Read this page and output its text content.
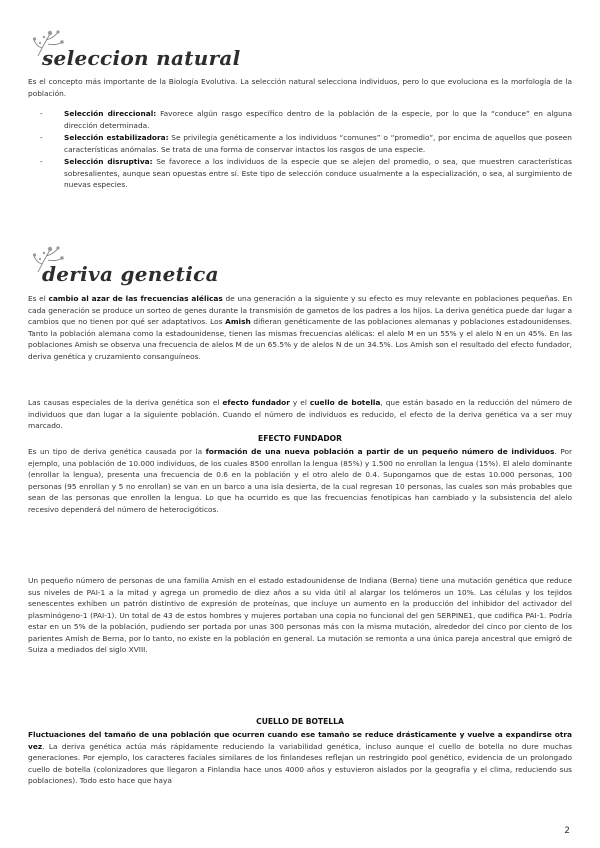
seleccion natural

Es el concepto más importante de la Biología Evolutiva. La selección natural selecciona individuos, pero lo que evoluciona es la morfología de la población.

-	Selección direccional: Favorece algún rasgo específico dentro de la población de la especie, por lo que la “conduce” en alguna dirección determinada.
-	Selección estabilizadora: Se privilegia genéticamente a los individuos “comunes” o “promedio”, por encima de aquellos que poseen características anómalas. Se trata de una forma de conservar intactos los rasgos de una especie.
-	Selección disruptiva: Se favorece a los individuos de la especie que se alejen del promedio, o sea, que muestren características sobresalientes, aunque sean opuestas entre sí. Este tipo de selección conduce usualmente a la especialización, o sea, al surgimiento de nuevas especies.
deriva genetica

Es el cambio al azar de las frecuencias alélicas de una generación a la siguiente y su efecto es muy relevante en poblaciones pequeñas. En cada generación se produce un sorteo de genes durante la transmisión de gametos de los padres a los hijos. La deriva genética puede dar lugar a cambios que no tienen por qué ser adaptativos. Los Amish difieran genéticamente de las poblaciones alemanas y poblaciones estadounidenses. Tanto la población alemana como la estadounidense, tienen las mismas frecuencias alélicas: el alelo M en un 55% y el alelo N en un 45%. En las poblaciones Amish se observa una frecuencia de alelos M de un 65.5% y de alelos N de un 34.5%. Los Amish son el resultado del efecto fundador, deriva genética y cruzamiento consanguíneos.

Las causas especiales de la deriva genética son el efecto fundador y el cuello de botella, que están basado en la reducción del número de individuos que dan lugar a la siguiente población. Cuando el número de individuos es reducido, el efecto de la deriva genética va a ser muy marcado.

EFECTO FUNDADOR

Es un tipo de deriva genética causada por la formación de una nueva población a partir de un pequeño número de individuos. Por ejemplo, una población de 10.000 individuos, de los cuales 8500 enrollan la lengua (85%) y 1.500 no enrollan la lengua (15%). El alelo dominante (enrollar la lengua), presenta una frecuencia de 0.6 en la población y el otro alelo de 0.4. Supongamos que de estas 10.000 personas, 100 personas (95 enrollan y 5 no enrollan) se van en un barco a una isla desierta, de la cual regresan 10 personas, las cuales son más probables que sean de las personas que enrollen la lengua. Lo que ha ocurrido es que las frecuencias fenotípicas han cambiado y la subsistencia del alelo recesivo dependerá del número de heterocigóticos.

Un pequeño número de personas de una familia Amish en el estado estadounidense de Indiana (Berna) tiene una mutación genética que reduce sus niveles de PAI-1 a la mitad y agrega un promedio de diez años a su vida útil al alargar los telómeros un 10%. Las células y los tejidos senescentes exhiben un patrón distintivo de expresión de proteínas, que incluye un aumento en la producción del inhibidor del activador del plasminógeno-1 (PAI-1). Un total de 43 de estos hombres y mujeres portaban una copia no funcional del gen SERPINE1, que codifica PAI-1. Podría estar en un 5% de la población, pudiendo ser portada por unas 300 personas más con la misma mutación, alrededor del cinco por ciento de los parientes Amish de Berna, por lo tanto, no existe en la población en general. La mutación se remonta a una única pareja ancestral que emigró de Suiza a mediados del siglo XVIII.

CUELLO DE BOTELLA

Fluctuaciones del tamaño de una población que ocurren cuando ese tamaño se reduce drásticamente y vuelve a expandirse otra vez. La deriva genética actúa más rápidamente reduciendo la variabilidad genética, incluso aunque el cuello de botella no dure muchas generaciones. Por ejemplo, los caracteres faciales similares de los finlandeses reflejan un restringido pool genético, evidencia de un prolongado cuello de botella (colonizadores que llegaron a Finlandia hace unos 4000 años y estuvieron aislados por la geografía y el clima, reduciendo sus poblaciones). Todo esto hace que haya

2
